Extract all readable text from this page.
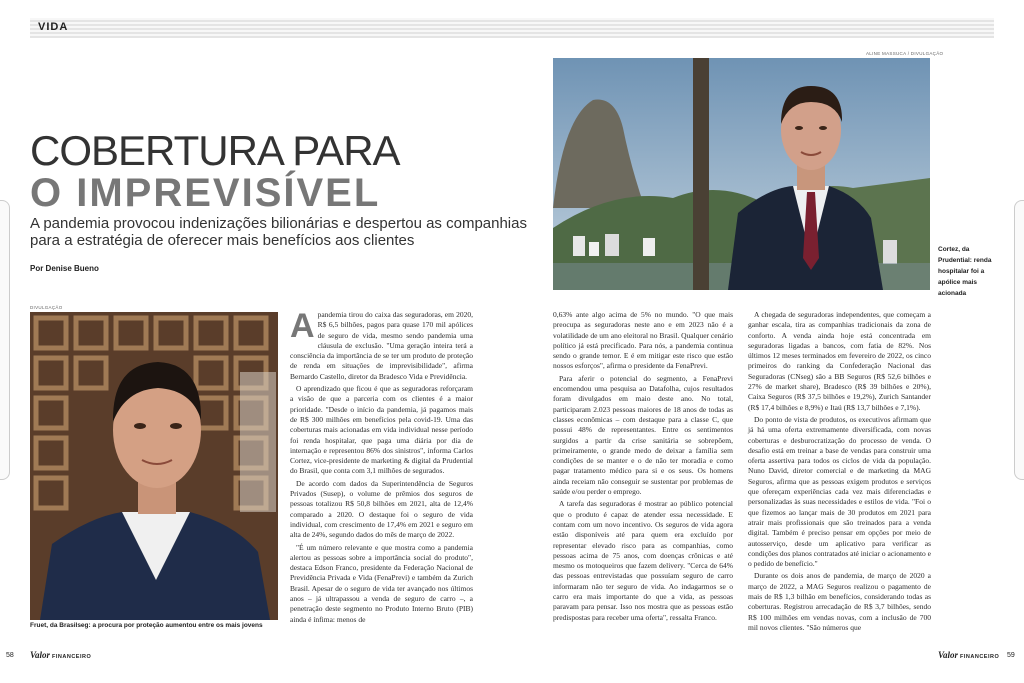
VIDA
COBERTURA PARA
O IMPREVISÍVEL
A pandemia provocou indenizações bilionárias e despertou as companhias para a estratégia de oferecer mais benefícios aos clientes
Por Denise Bueno
DIVULGAÇÃO
Fruet, da Brasilseg: a procura por proteção aumentou entre os mais jovens
ALINE MASSUCA / DIVULGAÇÃO
Cortez, da Prudential: renda hospitalar foi a apólice mais acionada

Apandemia tirou do caixa das seguradoras, em 2020, R$ 6,5 bilhões, pagos para quase 170 mil apólices de seguro de vida, mesmo sendo pandemia uma cláusula de exclusão. "Uma geração inteira terá a consciência da importância de se ter um produto de proteção de renda em situações de imprevisibilidade", afirma Bernardo Castello, diretor da Bradesco Vida e Previdência.

O aprendizado que ficou é que as seguradoras reforçaram a visão de que a parceria com os clientes é a maior prioridade. "Desde o início da pandemia, já pagamos mais de R$ 300 milhões em benefícios pela covid-19. Uma das coberturas mais acionadas em vida individual nesse período foi renda hospitalar, que paga uma diária por dia de internação e representou 86% dos sinistros", informa Carlos Cortez, vice-presidente de marketing & digital da Prudential do Brasil, que conta com 3,1 milhões de segurados.

De acordo com dados da Superintendência de Seguros Privados (Susep), o volume de prêmios dos seguros de pessoas totalizou R$ 50,8 bilhões em 2021, alta de 12,4% comparado a 2020. O destaque foi o seguro de vida individual, com crescimento de 17,4% em 2021 e seguro em alta de 24%, segundo dados do mês de março de 2022.

"É um número relevante e que mostra como a pandemia alertou as pessoas sobre a importância social do produto", destaca Edson Franco, presidente da Federação Nacional de Previdência Privada e Vida (FenaPrevi) e também da Zurich Brasil. Apesar de o seguro de vida ter avançado nos últimos anos – já ultrapassou a venda de seguro de carro –, a penetração deste segmento no Produto Interno Bruto (PIB) ainda é ínfima: menos de

0,63% ante algo acima de 5% no mundo. "O que mais preocupa as seguradoras neste ano e em 2023 não é a volatilidade de um ano eleitoral no Brasil. Qualquer cenário político já está precificado. Para nós, a pandemia continua sendo o grande temor. E é em mitigar este risco que estão nossos esforços", afirma o presidente da FenaPrevi.

Para aferir o potencial do segmento, a FenaPrevi encomendou uma pesquisa ao Datafolha, cujos resultados foram divulgados em maio deste ano. No total, participaram 2.023 pessoas maiores de 18 anos de todas as classes econômicas – com destaque para a classe C, que possui 48% de representantes. Entre os sentimentos surgidos a partir da crise sanitária se sobrepõem, primeiramente, o grande medo de deixar a família sem condições de se manter e o de não ter moradia e como pagar tratamento médico para si e os seus. Os homens ainda receiam não conseguir se sustentar por problemas de saúde e/ou perder o emprego.

A tarefa das seguradoras é mostrar ao público potencial que o produto é capaz de atender essa necessidade. E contam com um novo incentivo. Os seguros de vida agora estão disponíveis até para quem era excluído por representar elevado risco para as companhias, como pessoas acima de 75 anos, com doenças crônicas e até mesmo os motoqueiros que fazem delivery. "Cerca de 64% das pessoas entrevistadas que possuíam seguro de carro informaram não ter seguro de vida. Ao indagarmos se o carro era mais importante do que a vida, as pessoas paravam para pensar. Isso nos mostra que as pessoas estão predispostas para receber uma oferta", ressalta Franco.

A chegada de seguradoras independentes, que começam a ganhar escala, tira as companhias tradicionais da zona de conforto. A venda ainda hoje está concentrada em seguradoras ligadas a bancos, com fatia de 82%. Nos últimos 12 meses terminados em fevereiro de 2022, os cinco primeiros do ranking da Confederação Nacional das Seguradoras (CNseg) são a BB Seguros (R$ 52,6 bilhões e 27% de market share), Bradesco (R$ 39 bilhões e 20%), Caixa Seguros (R$ 37,5 bilhões e 19,2%), Zurich Santander (R$ 17,4 bilhões e 8,9%) e Itaú (R$ 13,7 bilhões e 7,1%).

Do ponto de vista de produtos, os executivos afirmam que já há uma oferta extremamente diversificada, com novas coberturas e desburocratização do processo de venda. O desafio está em treinar a base de vendas para construir uma oferta assertiva para todos os ciclos de vida da população. Nuno David, diretor comercial e de marketing da MAG Seguros, afirma que as pessoas exigem produtos e serviços que ofereçam experiências cada vez mais diferenciadas e personalizadas às suas necessidades e estilos de vida. "Foi o que fizemos ao lançar mais de 30 produtos em 2021 para atrair mais profissionais que são treinados para a venda digital. Também é preciso pensar em opções por meio de autosserviço, desde um aplicativo para verificar as condições dos planos contratados até iniciar o acionamento e o pedido de benefício."

Durante os dois anos de pandemia, de março de 2020 a março de 2022, a MAG Seguros realizou o pagamento de mais de R$ 1,3 bilhão em benefícios, considerando todas as coberturas. Registrou arrecadação de R$ 3,7 bilhões, sendo R$ 100 milhões em vendas novas, com a inclusão de 700 mil novos clientes. "São números que

58 Valor FINANCEIRO	Valor FINANCEIRO 59
